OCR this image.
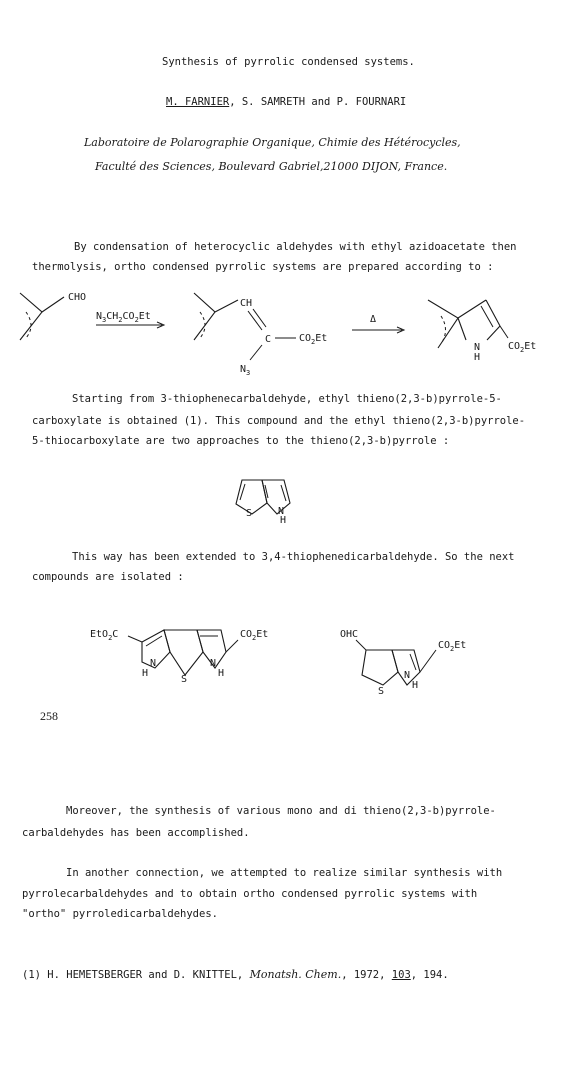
Synthesis of pyrrolic condensed systems.
M. FARNIER, S. SAMRETH and P. FOURNARI
Laboratoire de Polarographie Organique, Chimie des Hétérocycles,
Faculté des Sciences, Boulevard Gabriel,21000 DIJON, France.
By condensation of heterocyclic aldehydes with ethyl azidoacetate then
thermolysis, ortho condensed pyrrolic systems are prepared according to :
CHO
$N_3CH_2CO_2Et$
CH
C	$CO_2Et$
$N_3$
Δ
N
H
$CO_2Et$
Starting from 3-thiophenecarbaldehyde, ethyl thieno(2,3-b)pyrrole-5-
carboxylate is obtained (1). This compound and the ethyl thieno(2,3-b)pyrrole-
5-thiocarboxylate are two approaches to the thieno(2,3-b)pyrrole :
S	N
H
This way has been extended to 3,4-thiophenedicarbaldehyde. So the next
compounds are isolated :
EtO$_2$C	$CO_2Et$
N
H
S
N
H
OHC
$CO_2Et$
S
N
H
258
Moreover, the synthesis of various mono and di thieno(2,3-b)pyrrole-
carbaldehydes has been accomplished.
In another connection, we attempted to realize similar synthesis with
pyrrolecarbaldehydes and to obtain ortho condensed pyrrolic systems with
"ortho" pyrroledicarbaldehydes.
(1) H. HEMETSBERGER and D. KNITTEL, Monatsh. Chem., 1972, 103, 194.
